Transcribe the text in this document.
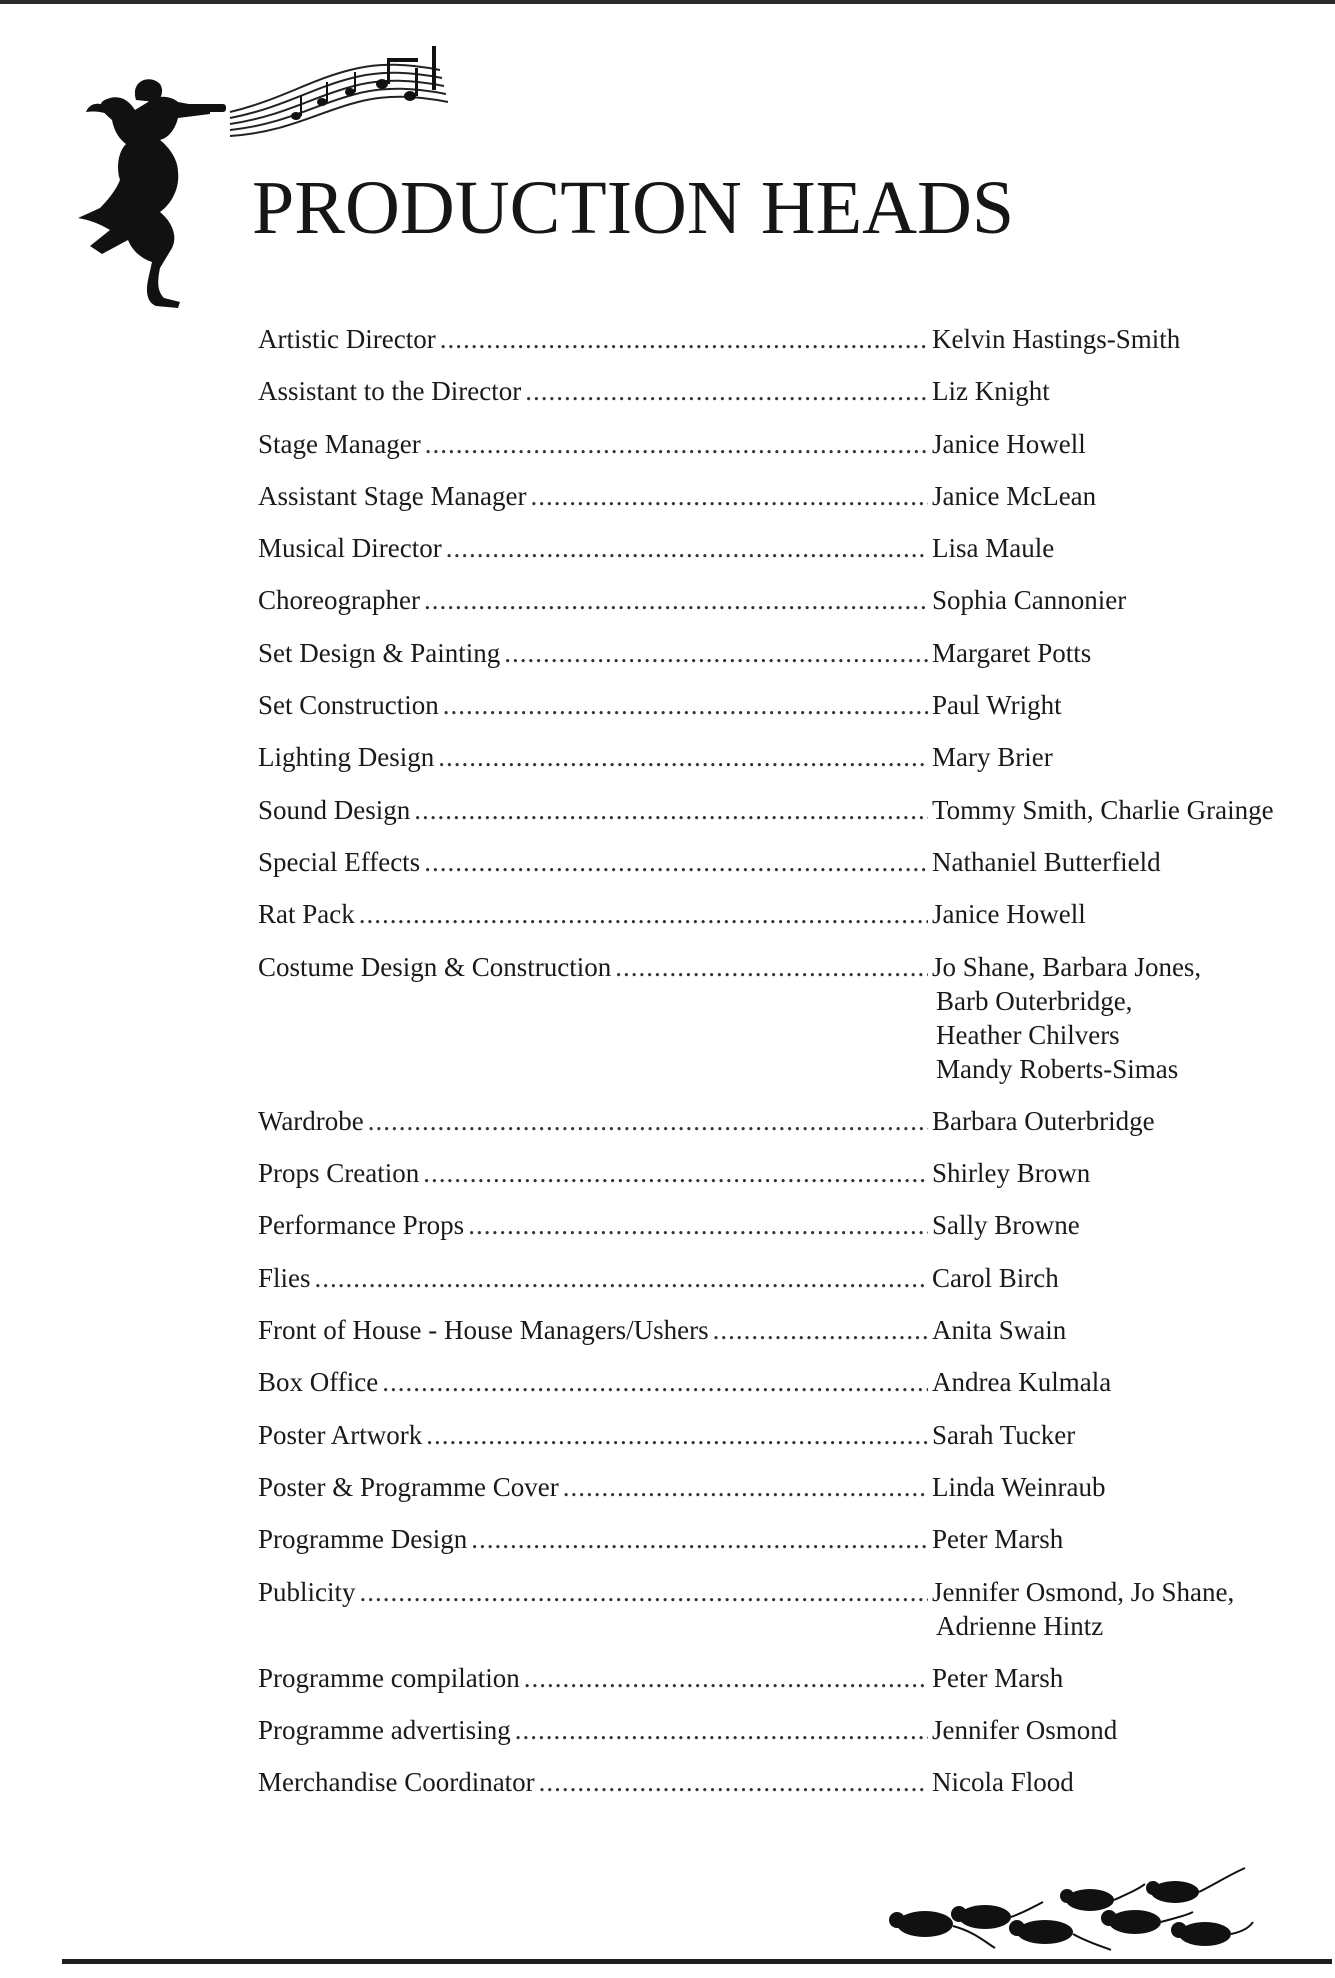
PRODUCTION HEADS
Artistic Director .....	Kelvin Hastings-Smith
Assistant to the Director .....	Liz Knight
Stage Manager .....	Janice Howell
Assistant Stage Manager .....	Janice McLean
Musical Director .....	Lisa Maule
Choreographer .....	Sophia Cannonier
Set Design & Painting .....	Margaret Potts
Set Construction .....	Paul Wright
Lighting Design .....	Mary Brier
Sound Design .....	Tommy Smith, Charlie Grainge
Special Effects .....	Nathaniel Butterfield
Rat Pack .....	Janice Howell
Costume Design & Construction .....	Jo Shane, Barbara Jones,
Barb Outerbridge,
Heather Chilvers
Mandy Roberts-Simas
Wardrobe .....	Barbara Outerbridge
Props Creation .....	Shirley Brown
Performance Props .....	Sally Browne
Flies .....	Carol Birch
Front of House - House Managers/Ushers .....	Anita Swain
Box Office .....	Andrea Kulmala
Poster Artwork .....	Sarah Tucker
Poster & Programme Cover .....	Linda Weinraub
Programme Design .....	Peter Marsh
Publicity .....	Jennifer Osmond, Jo Shane,
Adrienne Hintz
Programme compilation .....	Peter Marsh
Programme advertising .....	Jennifer Osmond
Merchandise Coordinator .....	Nicola Flood
